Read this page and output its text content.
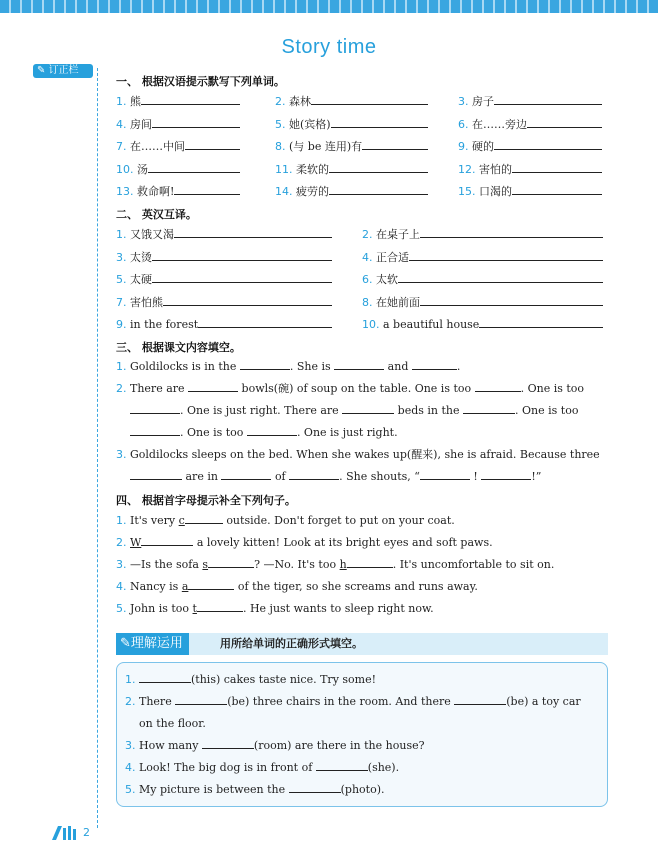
✎ 订正栏
Story time
一、 根据汉语提示默写下列单词。
1. 熊	2. 森林	3. 房子
4. 房间	5. 她(宾格)	6. 在……旁边
7. 在……中间	8. (与 be 连用)有	9. 硬的
10. 汤	11. 柔软的	12. 害怕的
13. 救命啊!	14. 疲劳的	15. 口渴的
二、 英汉互译。
1. 又饿又渴	2. 在桌子上
3. 太烫	4. 正合适
5. 太硬	6. 太软
7. 害怕熊	8. 在她前面
9. in the forest	10. a beautiful house
三、 根据课文内容填空。
1. Goldilocks is in the	. She is	and	.
2. There are	bowls(碗) of soup on the table. One is too	. One is too
. One is just right. There are	beds in the	. One is too
. One is too	. One is just right.
3. Goldilocks sleeps on the bed. When she wakes up(醒来), she is afraid. Because three
are in	of	. She shouts, “	!	!”
四、 根据首字母提示补全下列句子。
1. It's very c	outside. Don't forget to put on your coat.
2. W	a lovely kitten! Look at its bright eyes and soft paws.
3. —Is the sofa s	? —No. It's too h	. It's uncomfortable to sit on.
4. Nancy is a	of the tiger, so she screams and runs away.
5. John is too t	. He just wants to sleep right now.
✎理解运用	用所给单词的正确形式填空。
1.	(this) cakes taste nice. Try some!
2. There	(be) three chairs in the room. And there	(be) a toy car
on the floor.
3. How many	(room) are there in the house?
4. Look! The big dog is in front of	(she).
5. My picture is between the	(photo).
2
